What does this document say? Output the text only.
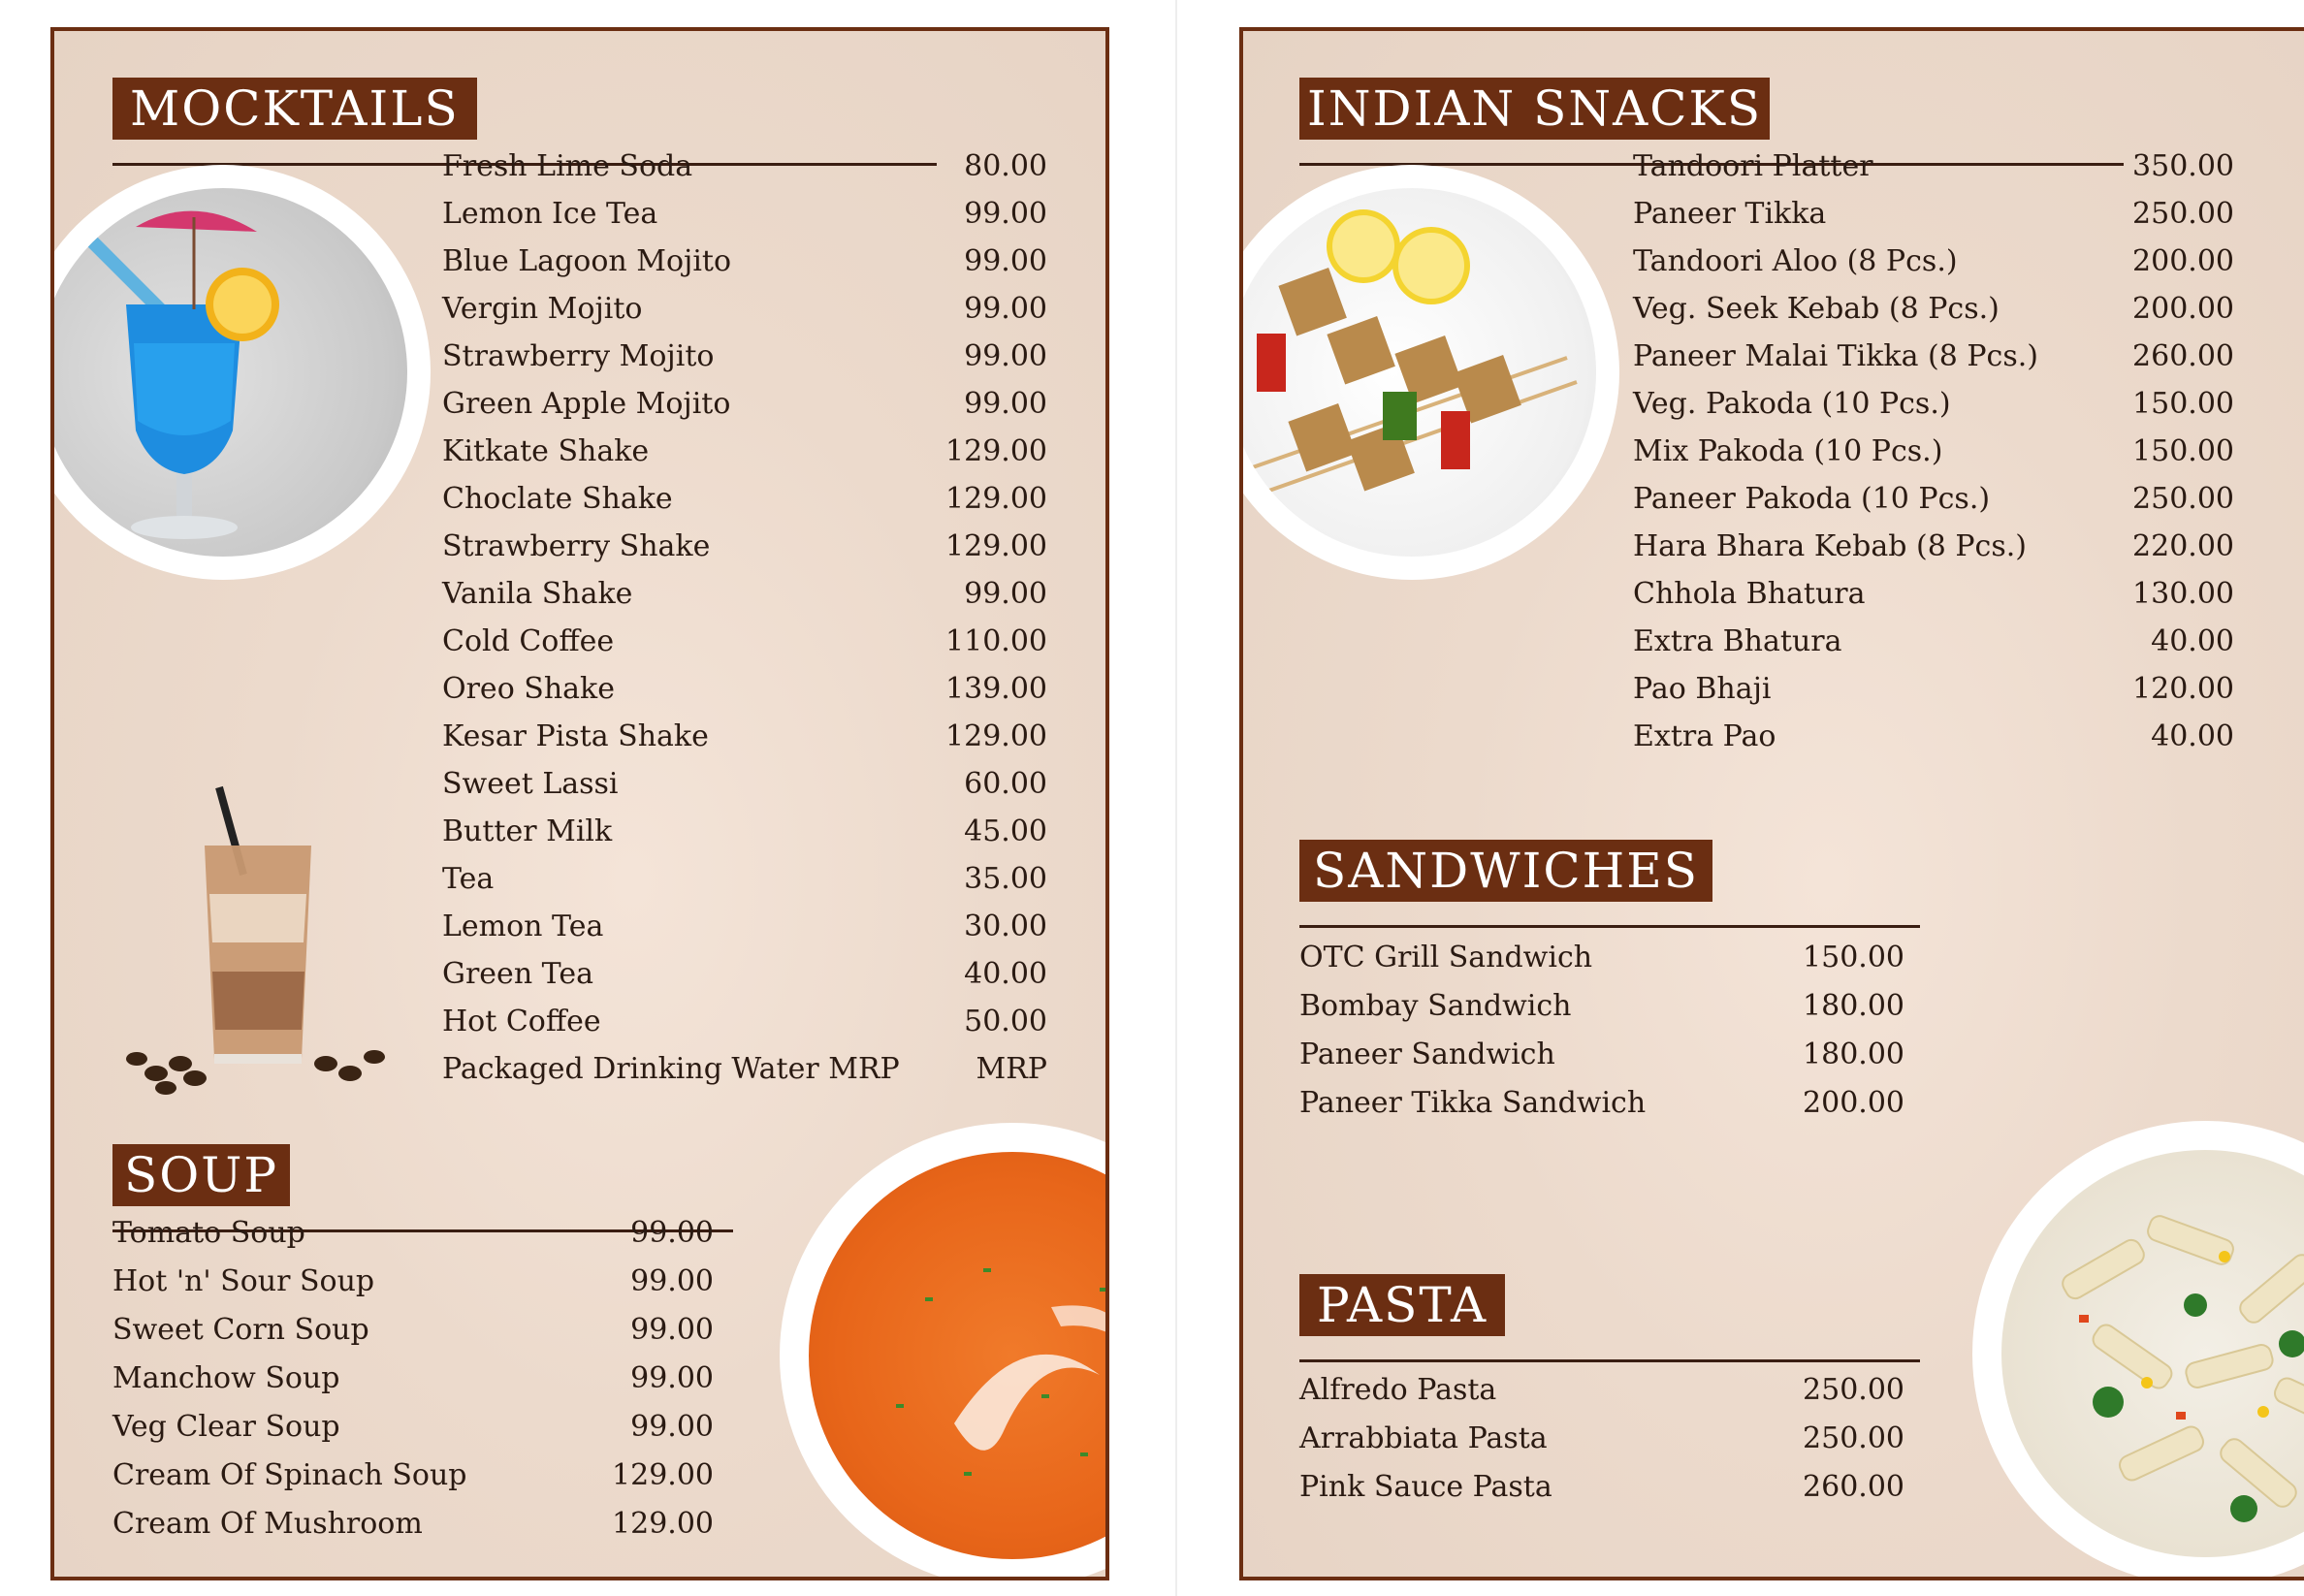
MOCKTAILS
Fresh Lime Soda	80.00
Lemon Ice Tea	99.00
Blue Lagoon Mojito	99.00
Vergin Mojito	99.00
Strawberry Mojito	99.00
Green Apple Mojito	99.00
Kitkate Shake	129.00
Choclate Shake	129.00
Strawberry Shake	129.00
Vanila Shake	99.00
Cold Coffee	110.00
Oreo Shake	139.00
Kesar Pista Shake	129.00
Sweet Lassi	60.00
Butter Milk	45.00
Tea	35.00
Lemon Tea	30.00
Green Tea	40.00
Hot Coffee	50.00
Packaged Drinking Water MRP	MRP
SOUP
Tomato Soup	99.00
Hot 'n' Sour Soup	99.00
Sweet Corn Soup	99.00
Manchow Soup	99.00
Veg Clear Soup	99.00
Cream Of Spinach Soup	129.00
Cream Of Mushroom	129.00
INDIAN SNACKS
Tandoori Platter	350.00
Paneer Tikka	250.00
Tandoori Aloo (8 Pcs.)	200.00
Veg. Seek Kebab (8 Pcs.)	200.00
Paneer Malai Tikka (8 Pcs.)	260.00
Veg. Pakoda (10 Pcs.)	150.00
Mix Pakoda (10 Pcs.)	150.00
Paneer Pakoda (10 Pcs.)	250.00
Hara Bhara Kebab (8 Pcs.)	220.00
Chhola Bhatura	130.00
Extra Bhatura	40.00
Pao Bhaji	120.00
Extra Pao	40.00
SANDWICHES
OTC Grill Sandwich	150.00
Bombay Sandwich	180.00
Paneer Sandwich	180.00
Paneer Tikka Sandwich	200.00
PASTA
Alfredo Pasta	250.00
Arrabbiata Pasta	250.00
Pink Sauce Pasta	260.00
